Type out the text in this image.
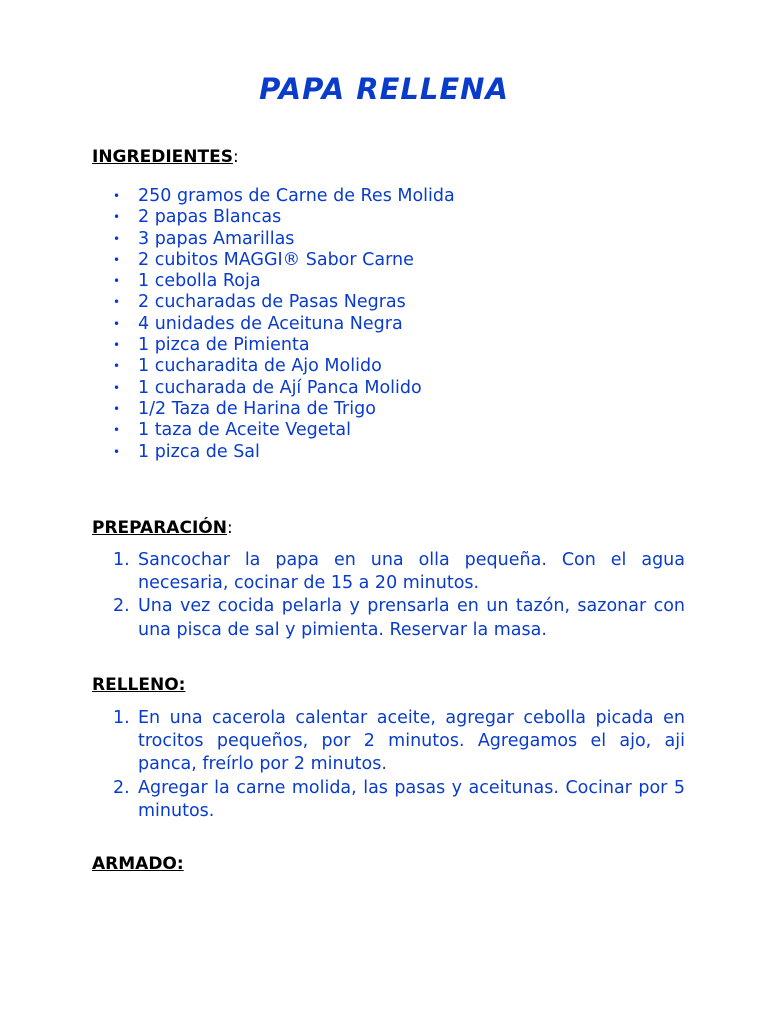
PAPA RELLENA
INGREDIENTES:
• 250 gramos de Carne de Res Molida
• 2 papas Blancas
• 3 papas Amarillas
• 2 cubitos MAGGI® Sabor Carne
• 1 cebolla Roja
• 2 cucharadas de Pasas Negras
• 4 unidades de Aceituna Negra
• 1 pizca de Pimienta
• 1 cucharadita de Ajo Molido
• 1 cucharada de Ají Panca Molido
• 1/2 Taza de Harina de Trigo
• 1 taza de Aceite Vegetal
• 1 pizca de Sal
PREPARACIÓN:
1. Sancochar la papa en una olla pequeña. Con el agua necesaria, cocinar de 15 a 20 minutos.
2. Una vez cocida pelarla y prensarla en un tazón, sazonar con una pisca de sal y pimienta. Reservar la masa.
RELLENO:
1. En una cacerola calentar aceite, agregar cebolla picada en trocitos pequeños, por 2 minutos. Agregamos el ajo, aji panca, freírlo por 2 minutos.
2. Agregar la carne molida, las pasas y aceitunas. Cocinar por 5 minutos.
ARMADO:
